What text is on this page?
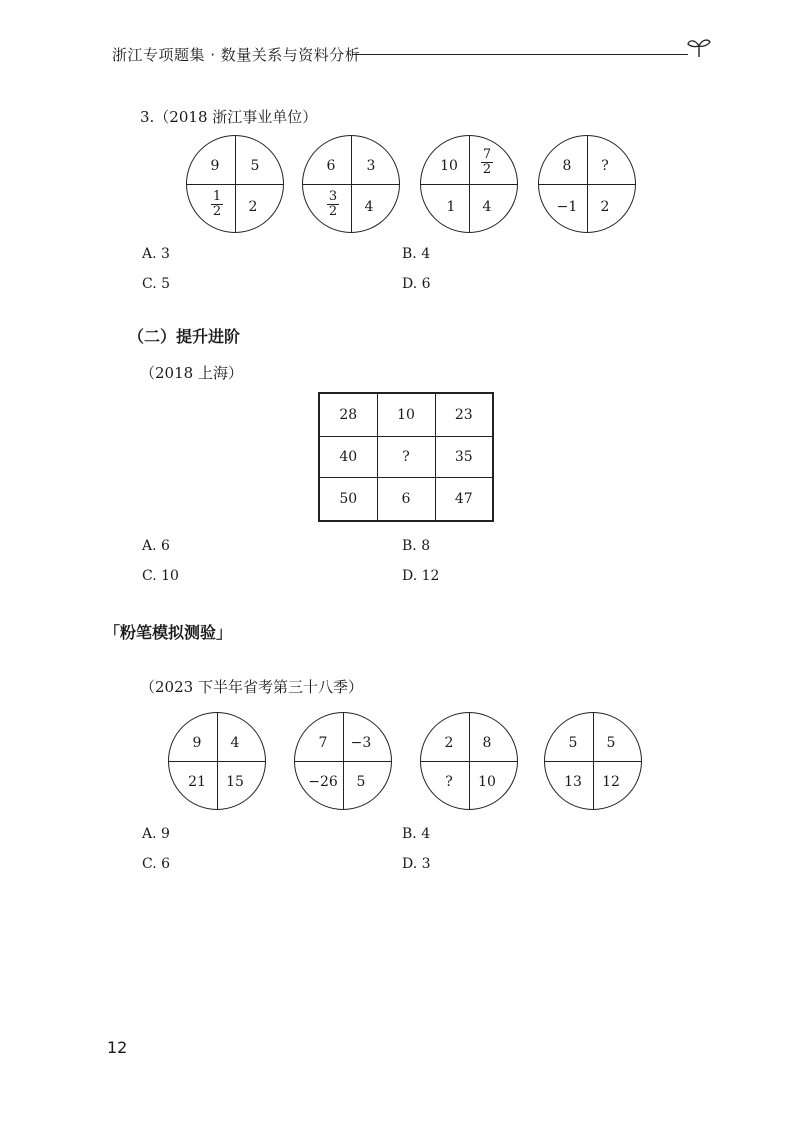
浙江专项题集 · 数量关系与资料分析
3.（2018 浙江事业单位）
9	5
$\frac{1}{2}$	2
6	3
$\frac{3}{2}$	4
10	$\frac{7}{2}$
1	4
8	?
−1	2
A. 3	B. 4
C. 5	D. 6
（二）提升进阶
（2018 上海）
28	10	23
40	?	35
50	6	47
A. 6	B. 8
C. 10	D. 12
「粉笔模拟测验」
（2023 下半年省考第三十八季）
9	4
21	15
7	−3
−26	5
2	8
?	10
5	5
13	12
A. 9	B. 4
C. 6	D. 3
12
